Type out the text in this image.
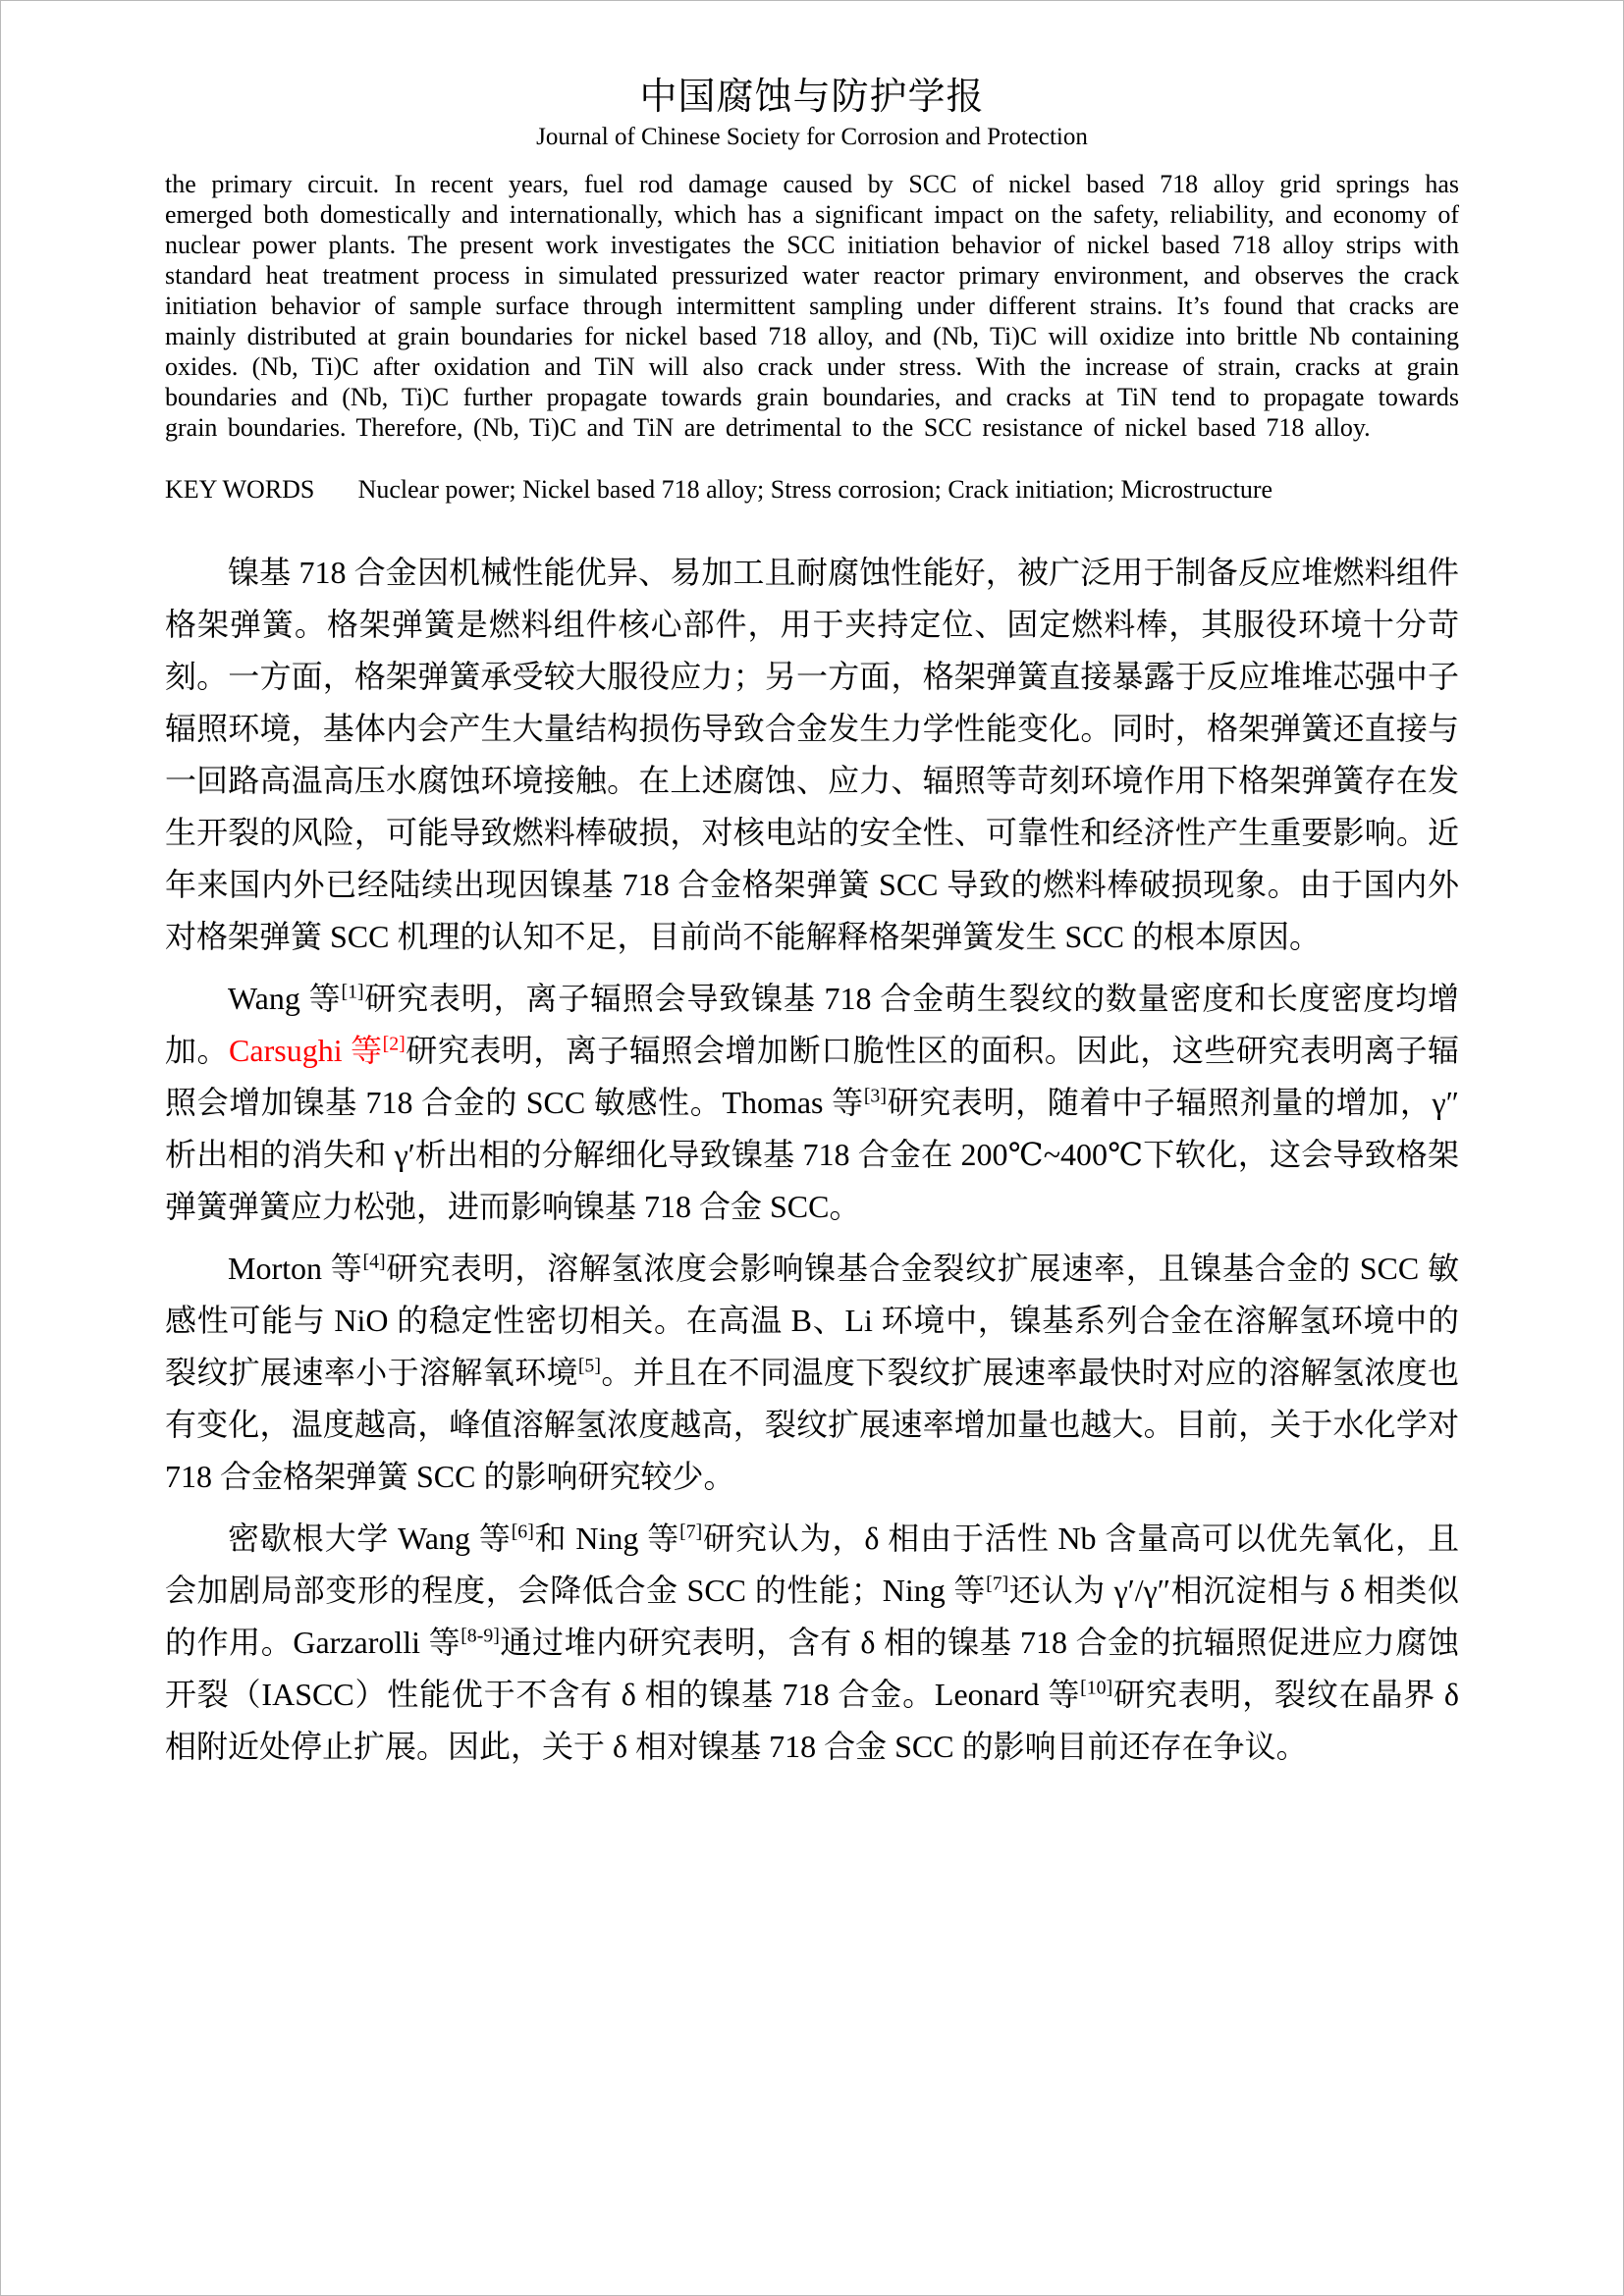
中国腐蚀与防护学报
Journal of Chinese Society for Corrosion and Protection

the primary circuit. In recent years, fuel rod damage caused by SCC of nickel based 718 alloy grid springs has emerged both domestically and internationally, which has a significant impact on the safety, reliability, and economy of nuclear power plants. The present work investigates the SCC initiation behavior of nickel based 718 alloy strips with standard heat treatment process in simulated pressurized water reactor primary environment, and observes the crack initiation behavior of sample surface through intermittent sampling under different strains. It’s found that cracks are mainly distributed at grain boundaries for nickel based 718 alloy, and (Nb, Ti)C will oxidize into brittle Nb containing oxides. (Nb, Ti)C after oxidation and TiN will also crack under stress. With the increase of strain, cracks at grain boundaries and (Nb, Ti)C further propagate towards grain boundaries, and cracks at TiN tend to propagate towards grain boundaries. Therefore, (Nb, Ti)C and TiN are detrimental to the SCC resistance of nickel based 718 alloy.

KEY WORDS Nuclear power; Nickel based 718 alloy; Stress corrosion; Crack initiation; Microstructure

镍基 718 合金因机械性能优异、易加工且耐腐蚀性能好，被广泛用于制备反应堆燃料组件格架弹簧。格架弹簧是燃料组件核心部件，用于夹持定位、固定燃料棒，其服役环境十分苛刻。一方面，格架弹簧承受较大服役应力；另一方面，格架弹簧直接暴露于反应堆堆芯强中子辐照环境，基体内会产生大量结构损伤导致合金发生力学性能变化。同时，格架弹簧还直接与一回路高温高压水腐蚀环境接触。在上述腐蚀、应力、辐照等苛刻环境作用下格架弹簧存在发生开裂的风险，可能导致燃料棒破损，对核电站的安全性、可靠性和经济性产生重要影响。近年来国内外已经陆续出现因镍基 718 合金格架弹簧 SCC 导致的燃料棒破损现象。由于国内外对格架弹簧 SCC 机理的认知不足，目前尚不能解释格架弹簧发生 SCC 的根本原因。

Wang 等[1]研究表明，离子辐照会导致镍基 718 合金萌生裂纹的数量密度和长度密度均增加。Carsughi 等[2]研究表明，离子辐照会增加断口脆性区的面积。因此，这些研究表明离子辐照会增加镍基 718 合金的 SCC 敏感性。Thomas 等[3]研究表明，随着中子辐照剂量的增加，γ″析出相的消失和 γ′析出相的分解细化导致镍基 718 合金在 200℃~400℃下软化，这会导致格架弹簧弹簧应力松弛，进而影响镍基 718 合金 SCC。

Morton 等[4]研究表明，溶解氢浓度会影响镍基合金裂纹扩展速率，且镍基合金的 SCC 敏感性可能与 NiO 的稳定性密切相关。在高温 B、Li 环境中，镍基系列合金在溶解氢环境中的裂纹扩展速率小于溶解氧环境[5]。并且在不同温度下裂纹扩展速率最快时对应的溶解氢浓度也有变化，温度越高，峰值溶解氢浓度越高，裂纹扩展速率增加量也越大。目前，关于水化学对 718 合金格架弹簧 SCC 的影响研究较少。

密歇根大学 Wang 等[6]和 Ning 等[7]研究认为，δ 相由于活性 Nb 含量高可以优先氧化，且会加剧局部变形的程度，会降低合金 SCC 的性能；Ning 等[7]还认为 γ′/γ″相沉淀相与 δ 相类似的作用。Garzarolli 等[8-9]通过堆内研究表明，含有 δ 相的镍基 718 合金的抗辐照促进应力腐蚀开裂（IASCC）性能优于不含有 δ 相的镍基 718 合金。Leonard 等[10]研究表明，裂纹在晶界 δ 相附近处停止扩展。因此，关于 δ 相对镍基 718 合金 SCC 的影响目前还存在争议。
